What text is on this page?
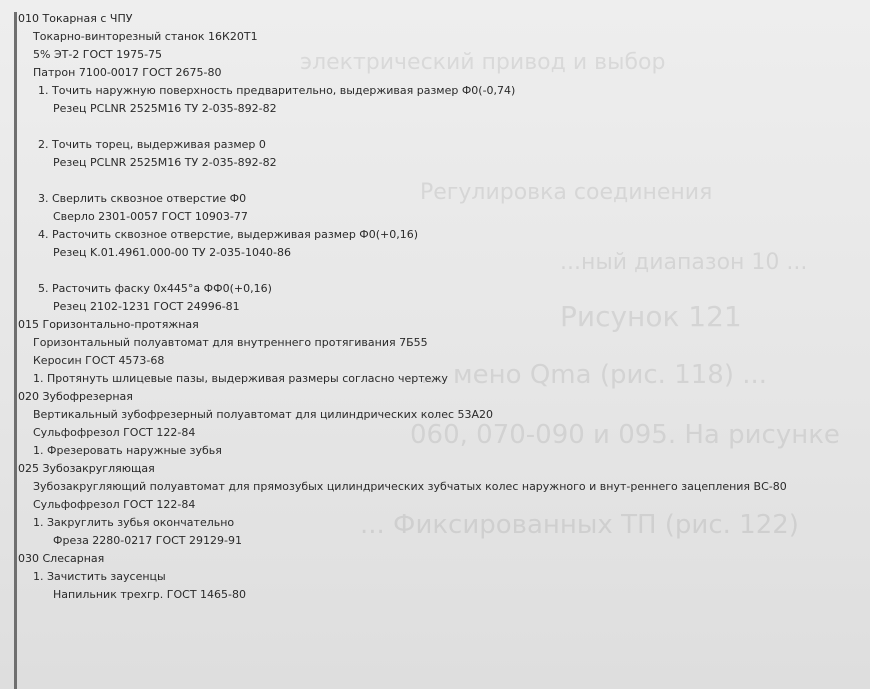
электрический привод и выбор
Регулировка соединения
Рисунок 121
... мено Qma (рис. 118) ...
060, 070-090 и 095. На рисунке
... Фиксированных ТП (рис. 122)
...ный диапазон 10 ...
010 Токарная с ЧПУ
Токарно-винторезный станок 16К20Т1
5% ЭТ-2 ГОСТ 1975-75
Патрон 7100-0017 ГОСТ 2675-80
1. Точить наружную поверхность предварительно, выдерживая размер Ф0(-0,74)
Резец PCLNR 2525M16 ТУ 2-035-892-82
2. Точить торец, выдерживая размер 0
Резец PCLNR 2525M16 ТУ 2-035-892-82
3. Сверлить сквозное отверстие Ф0
Сверло 2301-0057 ГОСТ 10903-77
4. Расточить сквозное отверстие, выдерживая размер Ф0(+0,16)
Резец K.01.4961.000-00 ТУ 2-035-1040-86
5. Расточить фаску 0x445°a ФФ0(+0,16)
Резец 2102-1231 ГОСТ 24996-81
015 Горизонтально-протяжная
Горизонтальный полуавтомат для внутреннего протягивания 7Б55
Керосин ГОСТ 4573-68
1. Протянуть шлицевые пазы, выдерживая размеры согласно чертежу
020 Зубофрезерная
Вертикальный зубофрезерный полуавтомат для цилиндрических колес 53А20
Сульфофрезол ГОСТ 122-84
1. Фрезеровать наружные зубья
025 Зубозакругляющая
Зубозакругляющий полуавтомат для прямозубых цилиндрических зубчатых колес наружного и внут-реннего зацепления ВС-80
Сульфофрезол ГОСТ 122-84
1. Закруглить зубья окончательно
Фреза 2280-0217 ГОСТ 29129-91
030 Слесарная
1. Зачистить заусенцы
Напильник трехгр. ГОСТ 1465-80
